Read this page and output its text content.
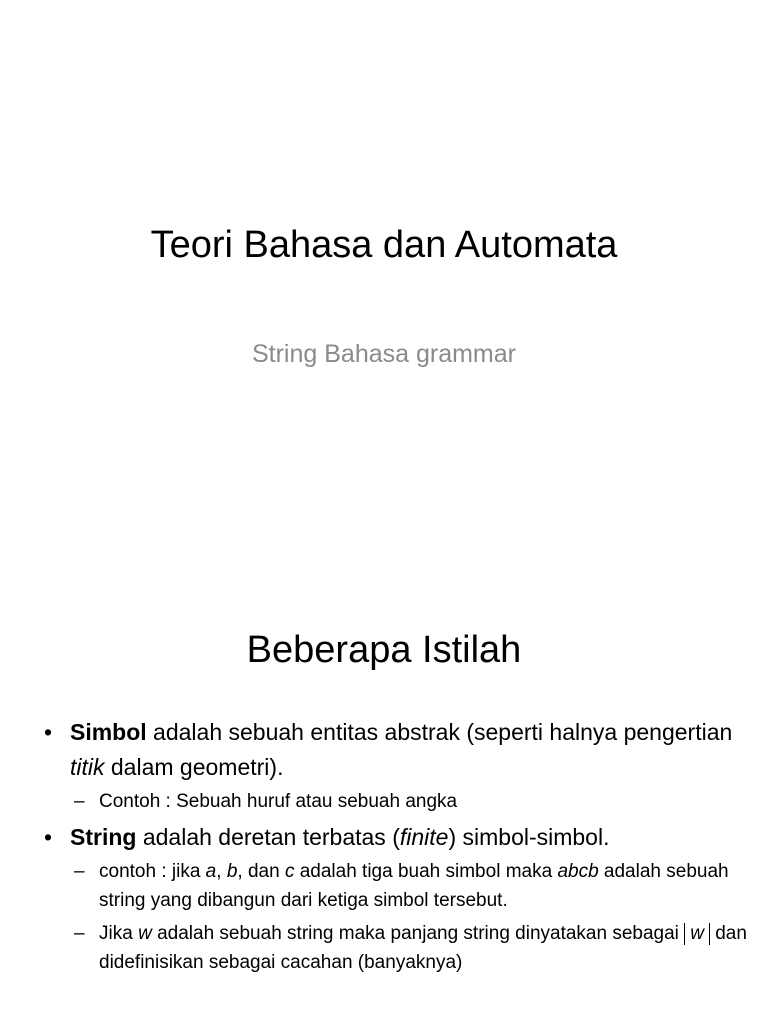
Teori Bahasa dan Automata
String Bahasa grammar
Beberapa Istilah
• Simbol adalah sebuah entitas abstrak (seperti halnya pengertian titik dalam geometri).
– Contoh : Sebuah huruf atau sebuah angka
• String adalah deretan terbatas (finite) simbol-simbol.
– contoh : jika a, b, dan c adalah tiga buah simbol maka abcb adalah sebuah string yang dibangun dari ketiga simbol tersebut.
– Jika w adalah sebuah string maka panjang string dinyatakan sebagai w dan didefinisikan sebagai cacahan (banyaknya)
